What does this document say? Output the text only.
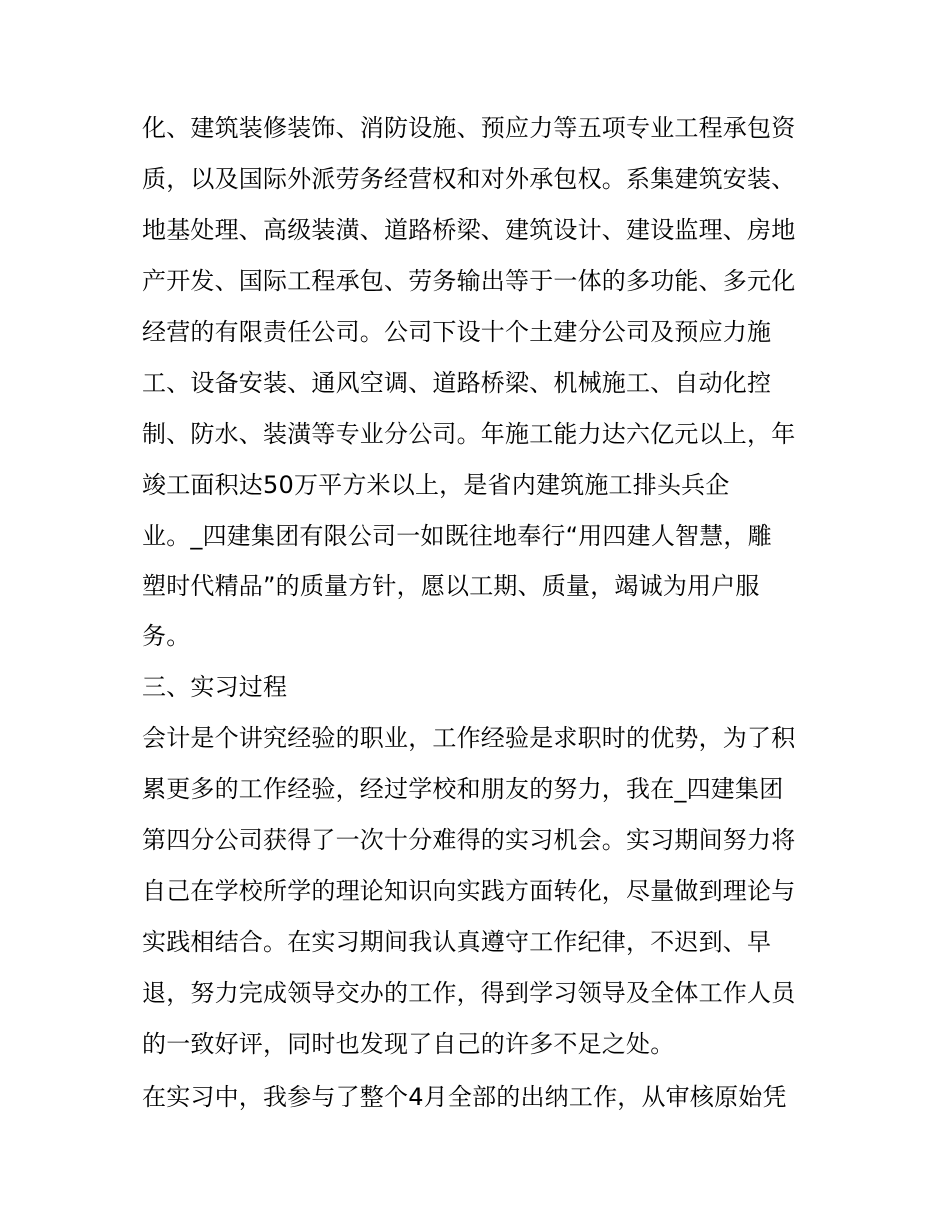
化、建筑装修装饰、消防设施、预应力等五项专业工程承包资
质，以及国际外派劳务经营权和对外承包权。系集建筑安装、
地基处理、高级装潢、道路桥梁、建筑设计、建设监理、房地
产开发、国际工程承包、劳务输出等于一体的多功能、多元化
经营的有限责任公司。公司下设十个土建分公司及预应力施
工、设备安装、通风空调、道路桥梁、机械施工、自动化控
制、防水、装潢等专业分公司。年施工能力达六亿元以上，年
竣工面积达50万平方米以上，是省内建筑施工排头兵企
业。_四建集团有限公司一如既往地奉行“用四建人智慧，雕
塑时代精品”的质量方针，愿以工期、质量，竭诚为用户服
务。
三、实习过程
会计是个讲究经验的职业，工作经验是求职时的优势，为了积
累更多的工作经验，经过学校和朋友的努力，我在_四建集团
第四分公司获得了一次十分难得的实习机会。实习期间努力将
自己在学校所学的理论知识向实践方面转化，尽量做到理论与
实践相结合。在实习期间我认真遵守工作纪律，不迟到、早
退，努力完成领导交办的工作，得到学习领导及全体工作人员
的一致好评，同时也发现了自己的许多不足之处。
在实习中，我参与了整个4月全部的出纳工作，从审核原始凭
